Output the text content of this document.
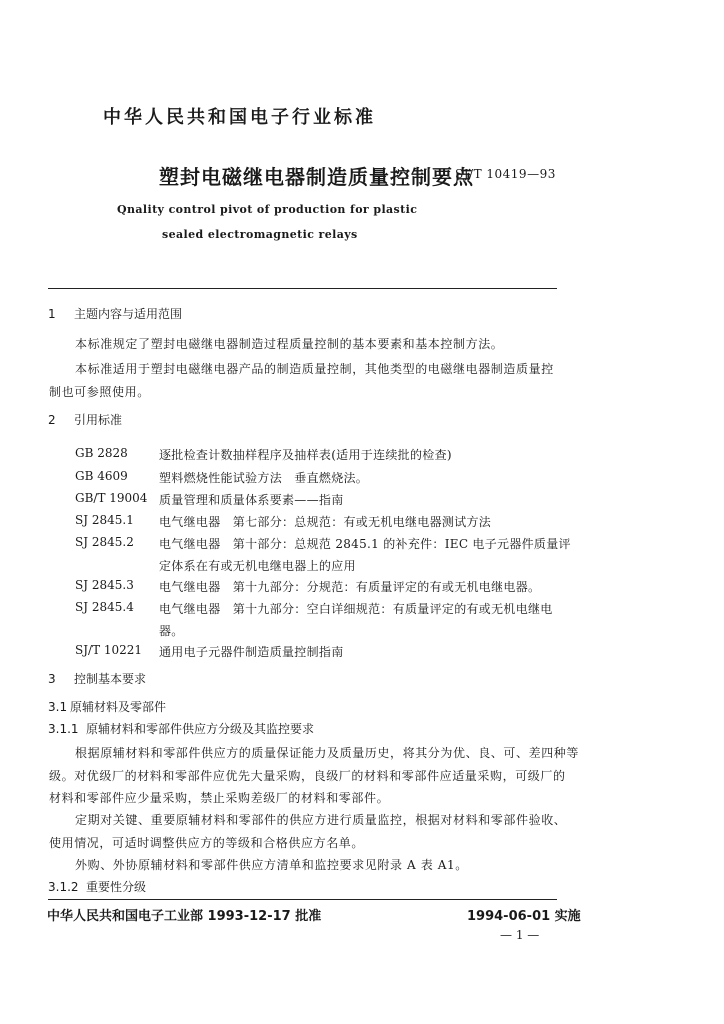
中华人民共和国电子行业标准
塑封电磁继电器制造质量控制要点
SJ/T 10419—93
Qnality control pivot of production for plastic
sealed electromagnetic relays
1 主题内容与适用范围
本标准规定了塑封电磁继电器制造过程质量控制的基本要素和基本控制方法。
本标准适用于塑封电磁继电器产品的制造质量控制，其他类型的电磁继电器制造质量控
制也可参照使用。
2 引用标准
GB 2828	逐批检查计数抽样程序及抽样表(适用于连续批的检查)
GB 4609	塑料燃烧性能试验方法　垂直燃烧法。
GB/T 19004 质量管理和质量体系要素——指南
SJ 2845.1 电气继电器　第七部分：总规范：有或无机电继电器测试方法
SJ 2845.2 电气继电器　第十部分：总规范 2845.1 的补充件：IEC 电子元器件质量评
定体系在有或无机电继电器上的应用
SJ 2845.3 电气继电器　第十九部分：分规范：有质量评定的有或无机电继电器。
SJ 2845.4 电气继电器　第十九部分：空白详细规范：有质量评定的有或无机电继电
器。
SJ/T 10221 通用电子元器件制造质量控制指南
3 控制基本要求
3.1 原辅材料及零部件
3.1.1 原辅材料和零部件供应方分级及其监控要求
根据原辅材料和零部件供应方的质量保证能力及质量历史，将其分为优、良、可、差四种等
级。对优级厂的材料和零部件应优先大量采购，良级厂的材料和零部件应适量采购，可级厂的
材料和零部件应少量采购，禁止采购差级厂的材料和零部件。
定期对关键、重要原辅材料和零部件的供应方进行质量监控，根据对材料和零部件验收、
使用情况，可适时调整供应方的等级和合格供应方名单。
外购、外协原辅材料和零部件供应方清单和监控要求见附录 A 表 A1。
3.1.2 重要性分级
中华人民共和国电子工业部 1993-12-17 批准	1994-06-01 实施
— 1 —
